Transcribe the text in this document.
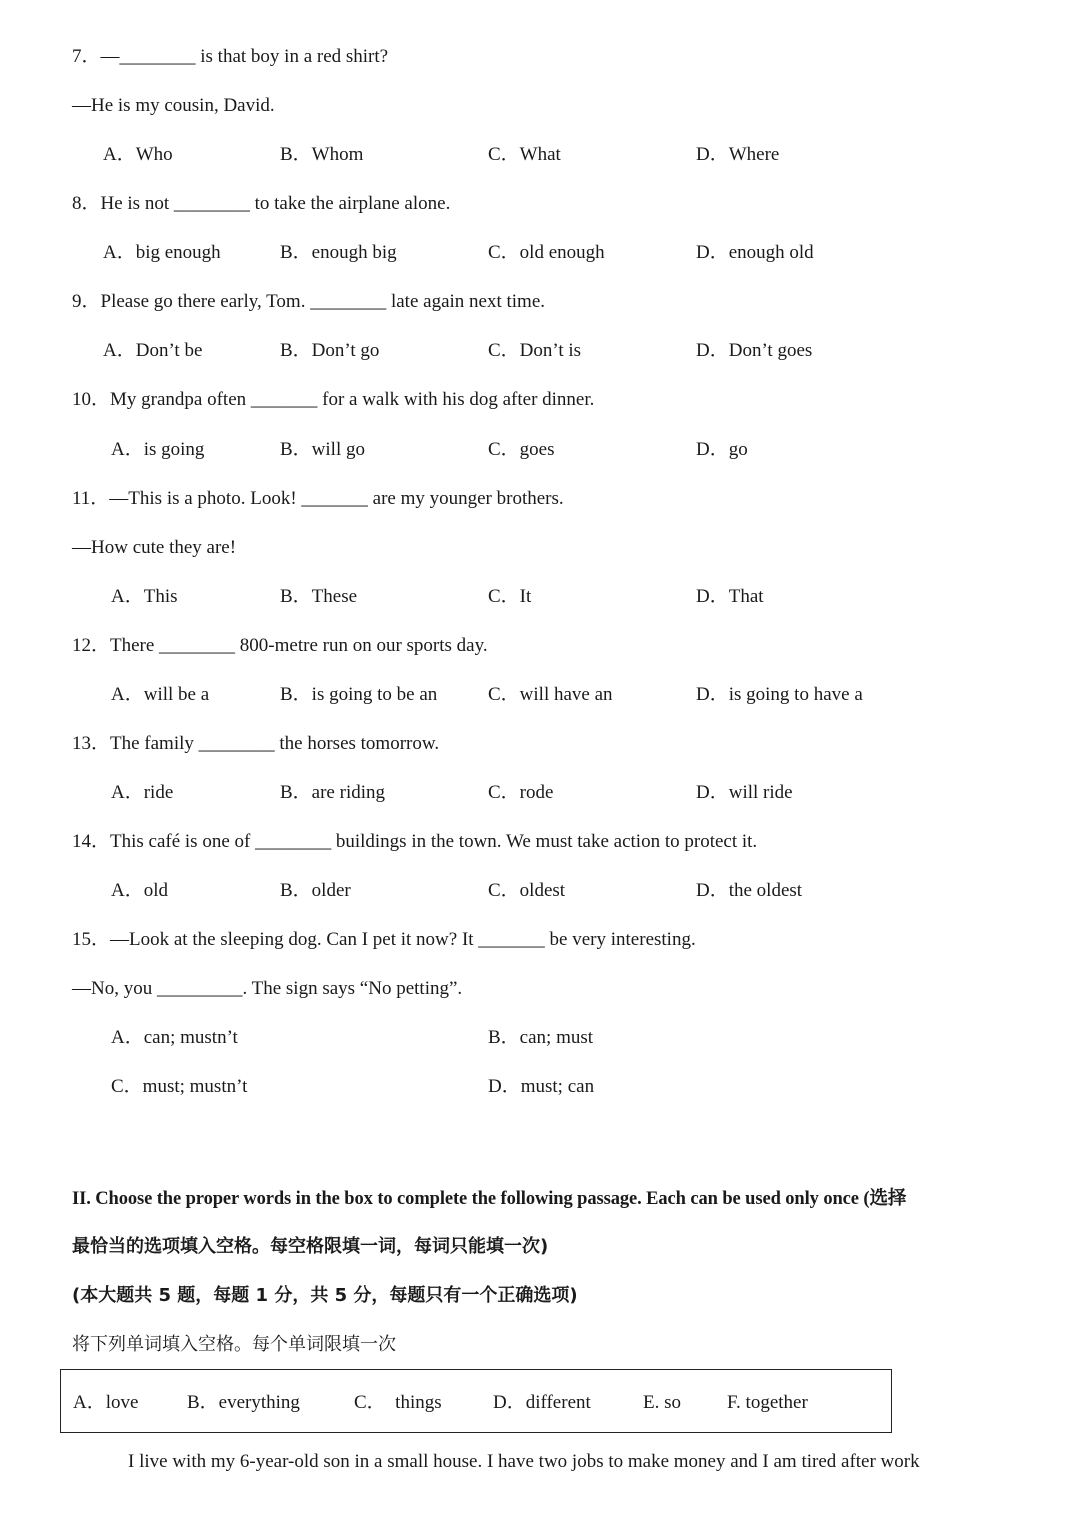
7．—________ is that boy in a red shirt?
—He is my cousin, David.
A．Who	B．Whom	C．What	D．Where
8．He is not ________ to take the airplane alone.
A．big enough	B．enough big	C．old enough	D．enough old
9．Please go there early, Tom. ________ late again next time.
A．Don’t be	B．Don’t go	C．Don’t is	D．Don’t goes
10．My grandpa often _______ for a walk with his dog after dinner.
A．is going	B．will go	C．goes	D．go
11．—This is a photo. Look! _______ are my younger brothers.
—How cute they are!
A．This	B．These	C．It	D．That
12．There ________ 800-metre run on our sports day.
A．will be a	B．is going to be an	C．will have an	D．is going to have a
13．The family ________ the horses tomorrow.
A．ride	B．are riding	C．rode	D．will ride
14．This café is one of ________ buildings in the town. We must take action to protect it.
A．old	B．older	C．oldest	D．the oldest
15．—Look at the sleeping dog. Can I pet it now? It _______ be very interesting.
—No, you _________. The sign says “No petting”.
A．can; mustn’t	B．can; must
C．must; mustn’t	D．must; can
II. Choose the proper words in the box to complete the following passage. Each can be used only once (选择
最恰当的选项填入空格。每空格限填一词，每词只能填一次)
(本大题共 5 题，每题 1 分，共 5 分，每题只有一个正确选项)
将下列单词填入空格。每个单词限填一次
A．love	B．everything	C．  things	D．different	E. so F. together
I live with my 6-year-old son in a small house. I have two jobs to make money and I am tired after work
